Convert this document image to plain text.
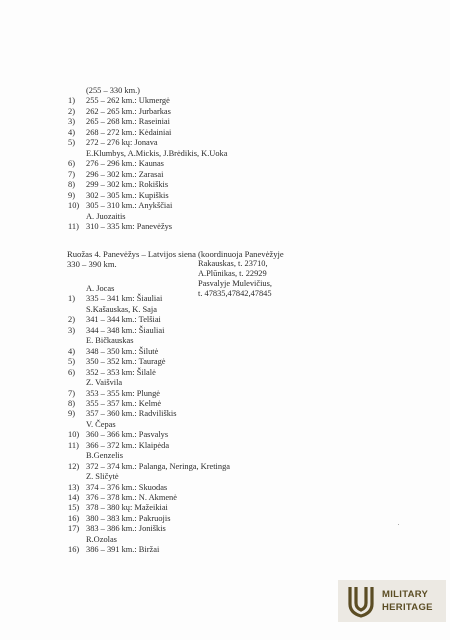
(255 – 330 km.)
1)	255 – 262 km.: Ukmergė
2)	262 – 265 km.: Jurbarkas
3)	265 – 268 km.: Raseiniai
4)	268 – 272 km.: Kėdainiai
5)	272 – 276 kų: Jonava
E.Klumbys, A.Mickis, J.Brėdikis, K.Uoka
6)	276 – 296 km.: Kaunas
7)	296 – 302 km.: Zarasai
8)	299 – 302 km.: Rokiškis
9)	302 – 305 km.: Kupiškis
10) 305 – 310 km.: Anykščiai
A. Juozaitis
11) 310 – 335 km: Panevėžys
Ruožas 4. Panevėžys – Latvijos siena (koordinuoja Panevėžyje
330 – 390 km.	Rakauskas, t. 23710,
A.Plūnikas, t. 22929
Pasvalyje Mulevičius,
t. 47835,47842,47845
A. Jocas
1)	335 – 341 km: Šiauliai
S.Kašauskas, K. Saja
2)	341 – 344 km.: Telšiai
3)	344 – 348 km.: Šiauliai
E. Bičkauskas
4)	348 – 350 km.: Šilutė
5)	350 – 352 km.: Tauragė
6)	352 – 353 km: Šilalė
Z. Vaišvila
7)	353 – 355 km: Plungė
8)	355 – 357 km.: Kelmė
9)	357 – 360 km.: Radviliškis
V. Čepas
10) 360 – 366 km.: Pasvalys
11) 366 – 372 km.: Klaipėda
B.Genzelis
12) 372 – 374 km.: Palanga, Neringa, Kretinga
Z. Sličytė
13) 374 – 376 km.: Skuodas
14) 376 – 378 km.: N. Akmenė
15) 378 – 380 kų: Mažeikiai
16) 380 – 383 km.: Pakruojis
17) 383 – 386 km.: Joniškis
R.Ozolas
16) 386 – 391 km.: Biržai
MILITARY
HERITAGE
